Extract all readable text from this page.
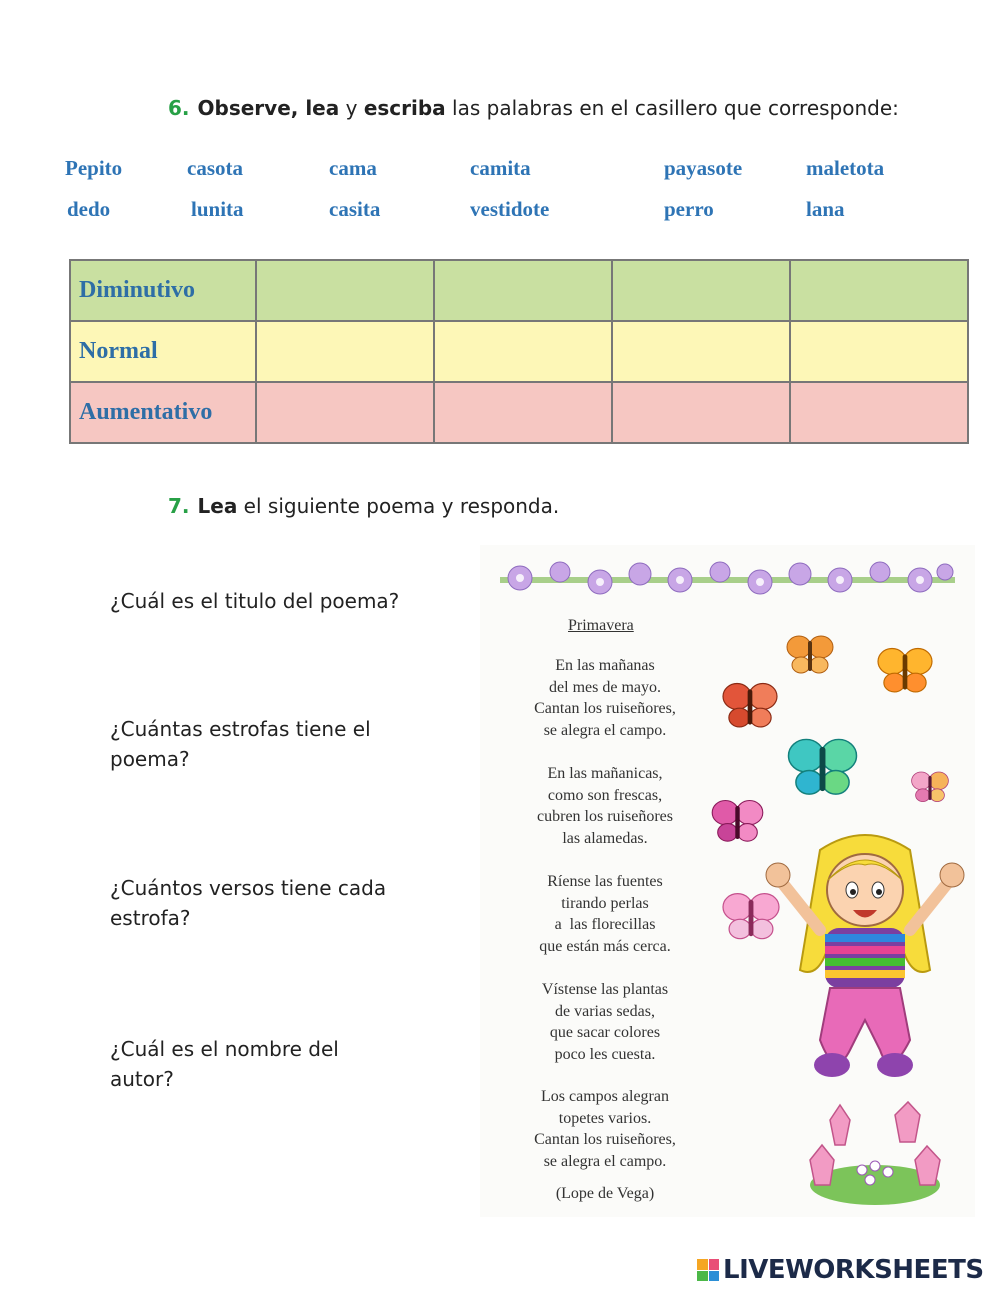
6. Observe, lea y escriba las palabras en el casillero que corresponde:
Pepito	casota	cama	camita	payasote	maletota
dedo	lunita	casita	vestidote	perro	lana
Diminutivo				
Normal				
Aumentativo				
7. Lea el siguiente poema y responda.
¿Cuál es el titulo del poema?
¿Cuántas estrofas tiene el poema?
¿Cuántos versos tiene cada estrofa?
¿Cuál es el nombre del autor?
Primavera
En las mañanas
del mes de mayo.
Cantan los ruiseñores,
se alegra el campo.
En las mañanicas,
como son frescas,
cubren los ruiseñores
las alamedas.
Ríense las fuentes
tirando perlas
a  las florecillas
que están más cerca.
Vístense las plantas
de varias sedas,
que sacar colores
poco les cuesta.
Los campos alegran
topetes varios.
Cantan los ruiseñores,
se alegra el campo.
(Lope de Vega)
LIVEWORKSHEETS
